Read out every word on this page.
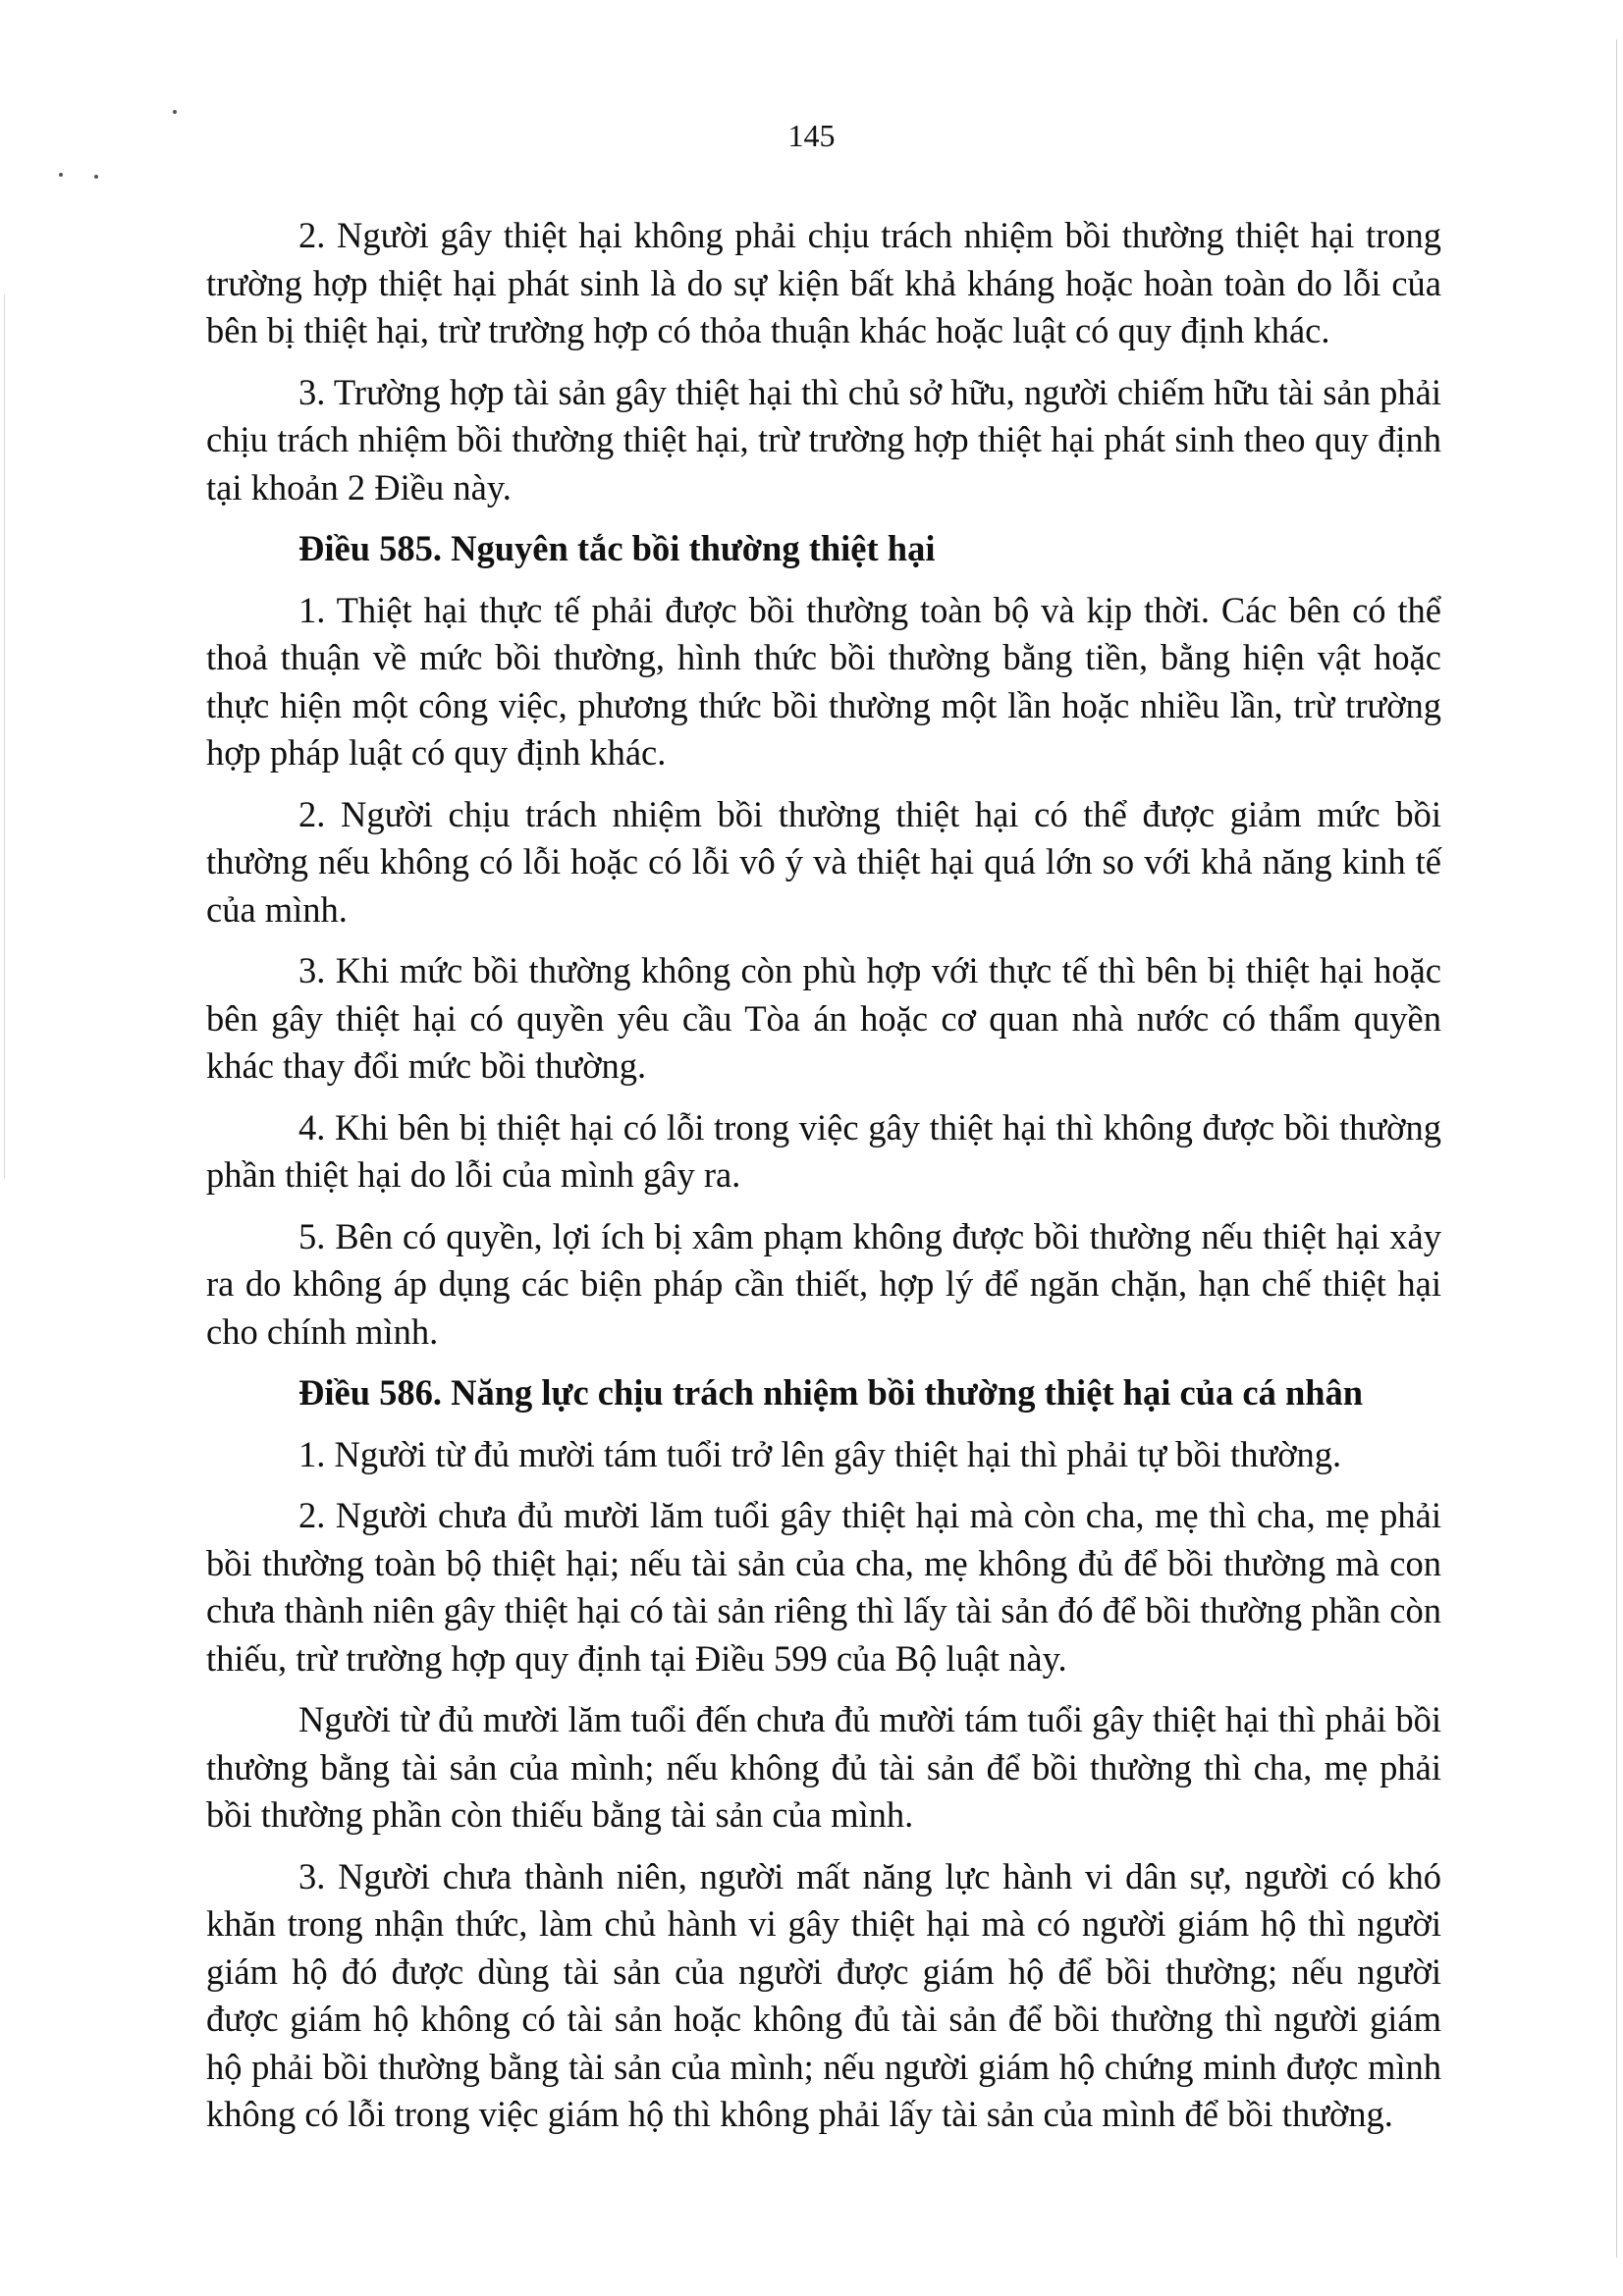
145

2. Người gây thiệt hại không phải chịu trách nhiệm bồi thường thiệt hại trong trường hợp thiệt hại phát sinh là do sự kiện bất khả kháng hoặc hoàn toàn do lỗi của bên bị thiệt hại, trừ trường hợp có thỏa thuận khác hoặc luật có quy định khác.

3. Trường hợp tài sản gây thiệt hại thì chủ sở hữu, người chiếm hữu tài sản phải chịu trách nhiệm bồi thường thiệt hại, trừ trường hợp thiệt hại phát sinh theo quy định tại khoản 2 Điều này.

Điều 585. Nguyên tắc bồi thường thiệt hại

1. Thiệt hại thực tế phải được bồi thường toàn bộ và kịp thời. Các bên có thể thoả thuận về mức bồi thường, hình thức bồi thường bằng tiền, bằng hiện vật hoặc thực hiện một công việc, phương thức bồi thường một lần hoặc nhiều lần, trừ trường hợp pháp luật có quy định khác.

2. Người chịu trách nhiệm bồi thường thiệt hại có thể được giảm mức bồi thường nếu không có lỗi hoặc có lỗi vô ý và thiệt hại quá lớn so với khả năng kinh tế của mình.

3. Khi mức bồi thường không còn phù hợp với thực tế thì bên bị thiệt hại hoặc bên gây thiệt hại có quyền yêu cầu Tòa án hoặc cơ quan nhà nước có thẩm quyền khác thay đổi mức bồi thường.

4. Khi bên bị thiệt hại có lỗi trong việc gây thiệt hại thì không được bồi thường phần thiệt hại do lỗi của mình gây ra.

5. Bên có quyền, lợi ích bị xâm phạm không được bồi thường nếu thiệt hại xảy ra do không áp dụng các biện pháp cần thiết, hợp lý để ngăn chặn, hạn chế thiệt hại cho chính mình.

Điều 586. Năng lực chịu trách nhiệm bồi thường thiệt hại của cá nhân

1. Người từ đủ mười tám tuổi trở lên gây thiệt hại thì phải tự bồi thường.

2. Người chưa đủ mười lăm tuổi gây thiệt hại mà còn cha, mẹ thì cha, mẹ phải bồi thường toàn bộ thiệt hại; nếu tài sản của cha, mẹ không đủ để bồi thường mà con chưa thành niên gây thiệt hại có tài sản riêng thì lấy tài sản đó để bồi thường phần còn thiếu, trừ trường hợp quy định tại Điều 599 của Bộ luật này.

Người từ đủ mười lăm tuổi đến chưa đủ mười tám tuổi gây thiệt hại thì phải bồi thường bằng tài sản của mình; nếu không đủ tài sản để bồi thường thì cha, mẹ phải bồi thường phần còn thiếu bằng tài sản của mình.

3. Người chưa thành niên, người mất năng lực hành vi dân sự, người có khó khăn trong nhận thức, làm chủ hành vi gây thiệt hại mà có người giám hộ thì người giám hộ đó được dùng tài sản của người được giám hộ để bồi thường; nếu người được giám hộ không có tài sản hoặc không đủ tài sản để bồi thường thì người giám hộ phải bồi thường bằng tài sản của mình; nếu người giám hộ chứng minh được mình không có lỗi trong việc giám hộ thì không phải lấy tài sản của mình để bồi thường.
